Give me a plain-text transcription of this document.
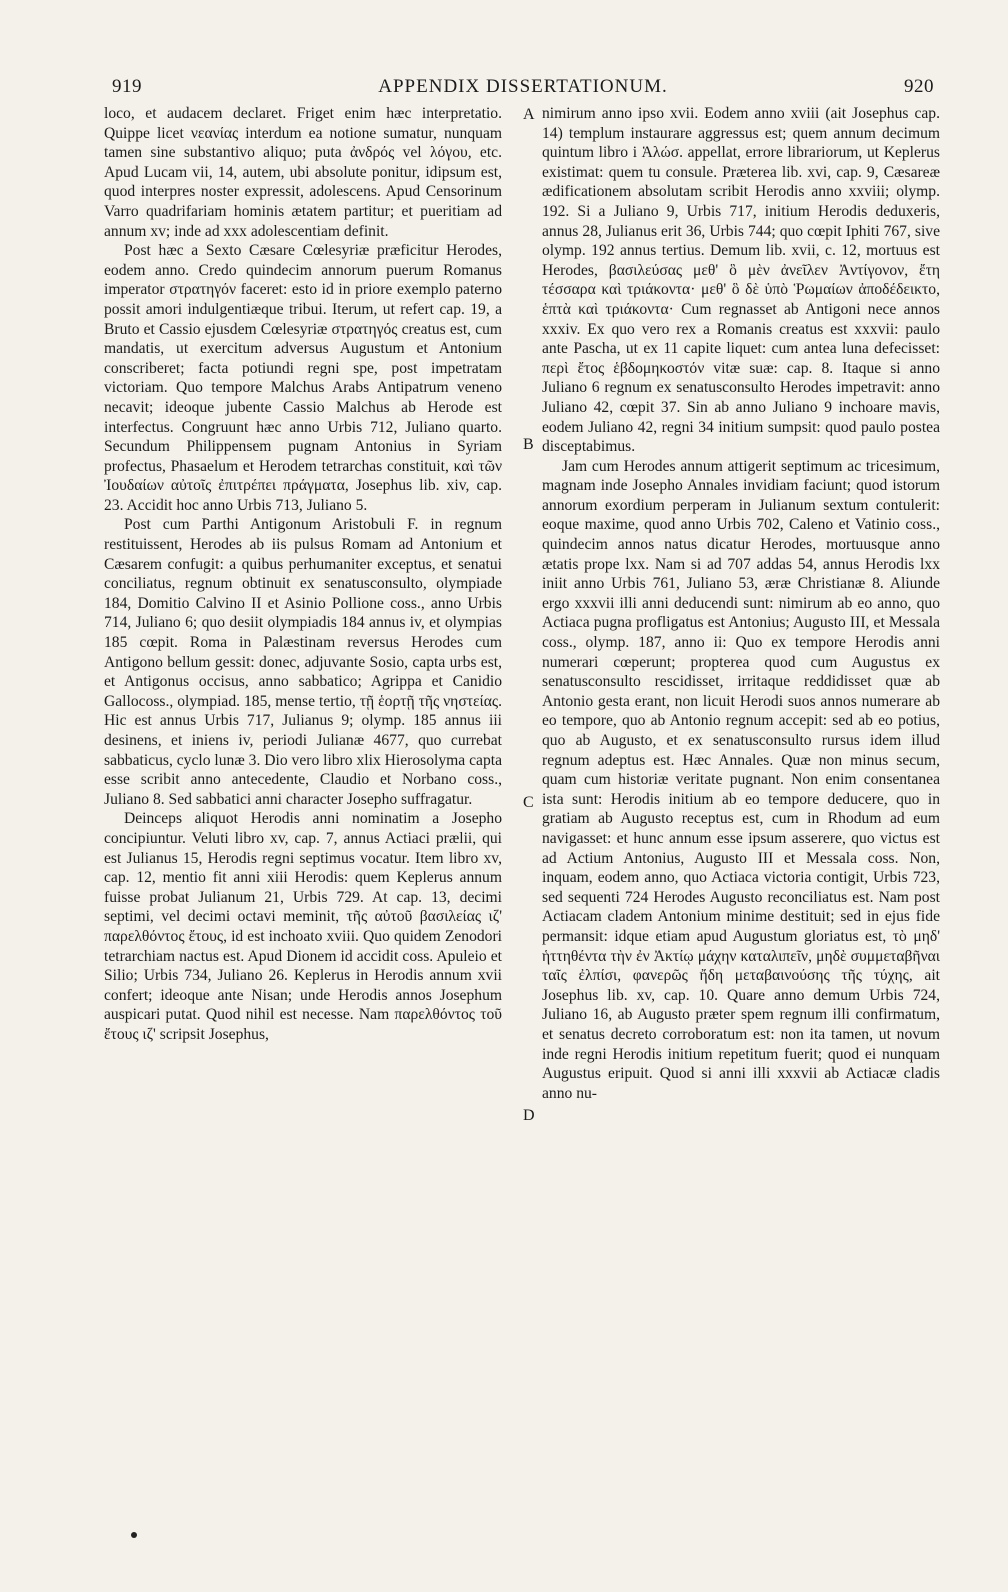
919	APPENDIX DISSERTATIONUM.	920

loco, et audacem declaret. Friget enim hæc interpretatio. Quippe licet νεανίας interdum ea notione sumatur, nunquam tamen sine substantivo aliquo; puta ἀνδρός vel λόγου, etc. Apud Lucam vii, 14, autem, ubi absolute ponitur, idipsum est, quod interpres noster expressit, adolescens. Apud Censorinum Varro quadrifariam hominis ætatem partitur; et pueritiam ad annum xv; inde ad xxx adolescentiam definit.

Post hæc a Sexto Cæsare Cœlesyriæ præficitur Herodes, eodem anno. Credo quindecim annorum puerum Romanus imperator στρατηγόν faceret: esto id in priore exemplo paterno possit amori indulgentiæque tribui. Iterum, ut refert cap. 19, a Bruto et Cassio ejusdem Cœlesyriæ στρατηγός creatus est, cum mandatis, ut exercitum adversus Augustum et Antonium conscriberet; facta potiundi regni spe, post impetratam victoriam. Quo tempore Malchus Arabs Antipatrum veneno necavit; ideoque jubente Cassio Malchus ab Herode est interfectus. Congruunt hæc anno Urbis 712, Juliano quarto. Secundum Philippensem pugnam Antonius in Syriam profectus, Phasaelum et Herodem tetrarchas constituit, καὶ τῶν Ἰουδαίων αὐτοῖς ἐπιτρέπει πράγματα, Josephus lib. xiv, cap. 23. Accidit hoc anno Urbis 713, Juliano 5.

Post cum Parthi Antigonum Aristobuli F. in regnum restituissent, Herodes ab iis pulsus Romam ad Antonium et Cæsarem confugit: a quibus perhumaniter exceptus, et senatui conciliatus, regnum obtinuit ex senatusconsulto, olympiade 184, Domitio Calvino II et Asinio Pollione coss., anno Urbis 714, Juliano 6; quo desiit olympiadis 184 annus iv, et olympias 185 cœpit. Roma in Palæstinam reversus Herodes cum Antigono bellum gessit: donec, adjuvante Sosio, capta urbs est, et Antigonus occisus, anno sabbatico; Agrippa et Canidio Gallocoss., olympiad. 185, mense tertio, τῇ ἑορτῇ τῆς νηστείας. Hic est annus Urbis 717, Julianus 9; olymp. 185 annus iii desinens, et iniens iv, periodi Julianæ 4677, quo currebat sabbaticus, cyclo lunæ 3. Dio vero libro xlix Hierosolyma capta esse scribit anno antecedente, Claudio et Norbano coss., Juliano 8. Sed sabbatici anni character Josepho suffragatur.

Deinceps aliquot Herodis anni nominatim a Josepho concipiuntur. Veluti libro xv, cap. 7, annus Actiaci prælii, qui est Julianus 15, Herodis regni septimus vocatur. Item libro xv, cap. 12, mentio fit anni xiii Herodis: quem Keplerus annum fuisse probat Julianum 21, Urbis 729. At cap. 13, decimi septimi, vel decimi octavi meminit, τῆς αὐτοῦ βασιλείας ιζ' παρελθόντος ἔτους, id est inchoato xviii. Quo quidem Zenodori tetrarchiam nactus est. Apud Dionem id accidit coss. Apuleio et Silio; Urbis 734, Juliano 26. Keplerus in Herodis annum xvii confert; ideoque ante Nisan; unde Herodis annos Josephum auspicari putat. Quod nihil est necesse. Nam παρελθόντος τοῦ ἔτους ιζ' scripsit Josephus,

A
B
C
D

nimirum anno ipso xvii. Eodem anno xviii (ait Josephus cap. 14) templum instaurare aggressus est; quem annum decimum quintum libro i Ἁλώσ. appellat, errore librariorum, ut Keplerus existimat: quem tu consule. Præterea lib. xvi, cap. 9, Cæsareæ ædificationem absolutam scribit Herodis anno xxviii; olymp. 192. Si a Juliano 9, Urbis 717, initium Herodis deduxeris, annus 28, Julianus erit 36, Urbis 744; quo cœpit Iphiti 767, sive olymp. 192 annus tertius. Demum lib. xvii, c. 12, mortuus est Herodes, βασιλεύσας μεθ' ὃ μὲν ἀνεῖλεν Ἀντίγονον, ἔτη τέσσαρα καὶ τριάκοντα· μεθ' ὃ δὲ ὑπὸ Ῥωμαίων ἀποδέδεικτο, ἑπτὰ καὶ τριάκοντα· Cum regnasset ab Antigoni nece annos xxxiv. Ex quo vero rex a Romanis creatus est xxxvii: paulo ante Pascha, ut ex 11 capite liquet: cum antea luna defecisset: περὶ ἔτος ἑβδομηκοστόν vitæ suæ: cap. 8. Itaque si anno Juliano 6 regnum ex senatusconsulto Herodes impetravit: anno Juliano 42, cœpit 37. Sin ab anno Juliano 9 inchoare mavis, eodem Juliano 42, regni 34 initium sumpsit: quod paulo postea disceptabimus.

Jam cum Herodes annum attigerit septimum ac tricesimum, magnam inde Josepho Annales invidiam faciunt; quod istorum annorum exordium perperam in Julianum sextum contulerit: eoque maxime, quod anno Urbis 702, Caleno et Vatinio coss., quindecim annos natus dicatur Herodes, mortuusque anno ætatis prope lxx. Nam si ad 707 addas 54, annus Herodis lxx iniit anno Urbis 761, Juliano 53, æræ Christianæ 8. Aliunde ergo xxxvii illi anni deducendi sunt: nimirum ab eo anno, quo Actiaca pugna profligatus est Antonius; Augusto III, et Messala coss., olymp. 187, anno ii: Quo ex tempore Herodis anni numerari cœperunt; propterea quod cum Augustus ex senatusconsulto rescidisset, irritaque reddidisset quæ ab Antonio gesta erant, non licuit Herodi suos annos numerare ab eo tempore, quo ab Antonio regnum accepit: sed ab eo potius, quo ab Augusto, et ex senatusconsulto rursus idem illud regnum adeptus est. Hæc Annales. Quæ non minus secum, quam cum historiæ veritate pugnant. Non enim consentanea ista sunt: Herodis initium ab eo tempore deducere, quo in gratiam ab Augusto receptus est, cum in Rhodum ad eum navigasset: et hunc annum esse ipsum asserere, quo victus est ad Actium Antonius, Augusto III et Messala coss. Non, inquam, eodem anno, quo Actiaca victoria contigit, Urbis 723, sed sequenti 724 Herodes Augusto reconciliatus est. Nam post Actiacam cladem Antonium minime destituit; sed in ejus fide permansit: idque etiam apud Augustum gloriatus est, τὸ μηδ' ἡττηθέντα τὴν ἐν Ἀκτίῳ μάχην καταλιπεῖν, μηδὲ συμμεταβῆναι ταῖς ἐλπίσι, φανερῶς ἤδη μεταβαινούσης τῆς τύχης, ait Josephus lib. xv, cap. 10. Quare anno demum Urbis 724, Juliano 16, ab Augusto præter spem regnum illi confirmatum, et senatus decreto corroboratum est: non ita tamen, ut novum inde regni Herodis initium repetitum fuerit; quod ei nunquam Augustus eripuit. Quod si anni illi xxxvii ab Actiacæ cladis anno nu-
